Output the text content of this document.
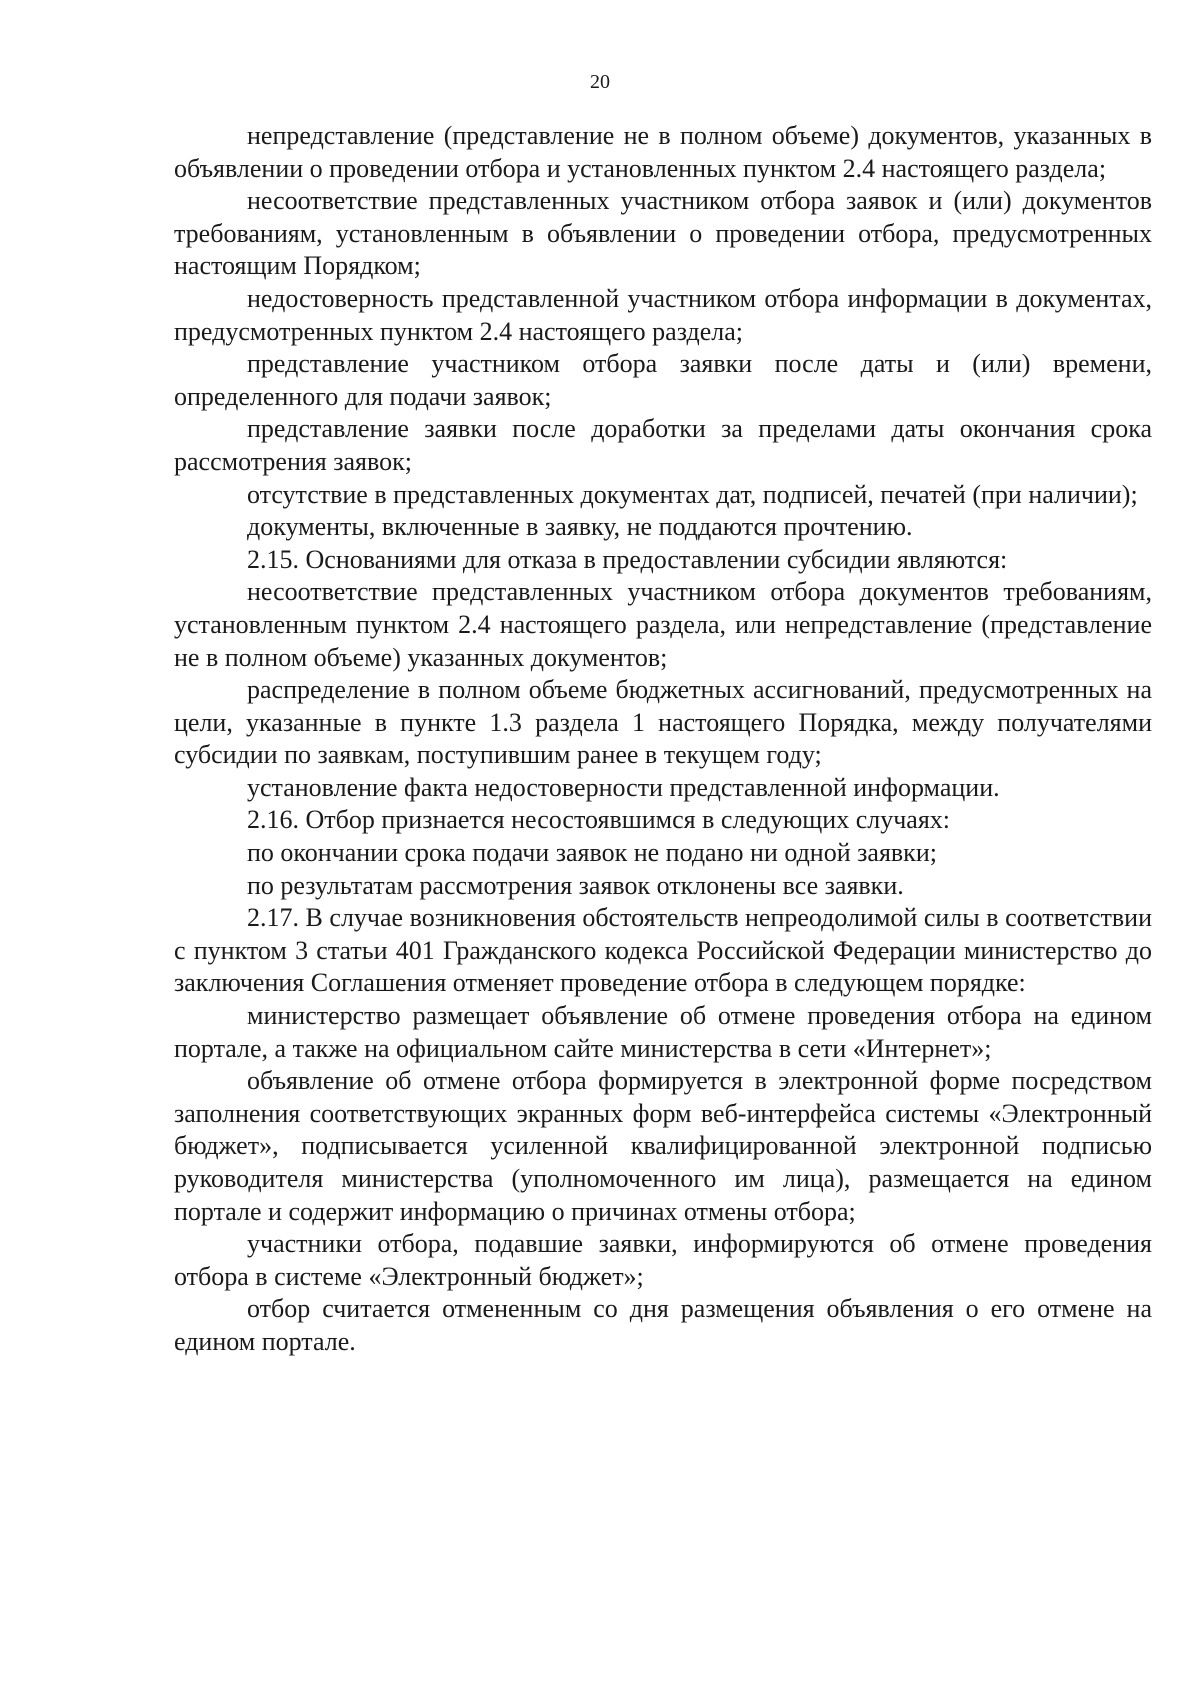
20

непредставление (представление не в полном объеме) документов, указанных в объявлении о проведении отбора и установленных пунктом 2.4 настоящего раздела;

несоответствие представленных участником отбора заявок и (или) документов требованиям, установленным в объявлении о проведении отбора, предусмотренных настоящим Порядком;

недостоверность представленной участником отбора информации в документах, предусмотренных пунктом 2.4 настоящего раздела;

представление участником отбора заявки после даты и (или) времени, определенного для подачи заявок;

представление заявки после доработки за пределами даты окончания срока рассмотрения заявок;

отсутствие в представленных документах дат, подписей, печатей (при наличии);

документы, включенные в заявку, не поддаются прочтению.

2.15. Основаниями для отказа в предоставлении субсидии являются:

несоответствие представленных участником отбора документов требованиям, установленным пунктом 2.4 настоящего раздела, или непредставление (представление не в полном объеме) указанных документов;

распределение в полном объеме бюджетных ассигнований, предусмотренных на цели, указанные в пункте 1.3 раздела 1 настоящего Порядка, между получателями субсидии по заявкам, поступившим ранее в текущем году;

установление факта недостоверности представленной информации.

2.16. Отбор признается несостоявшимся в следующих случаях:

по окончании срока подачи заявок не подано ни одной заявки;

по результатам рассмотрения заявок отклонены все заявки.

2.17. В случае возникновения обстоятельств непреодолимой силы в соответствии с пунктом 3 статьи 401 Гражданского кодекса Российской Федерации министерство до заключения Соглашения отменяет проведение отбора в следующем порядке:

министерство размещает объявление об отмене проведения отбора на едином портале, а также на официальном сайте министерства в сети «Интернет»;

объявление об отмене отбора формируется в электронной форме посредством заполнения соответствующих экранных форм веб-интерфейса системы «Электронный бюджет», подписывается усиленной квалифицированной электронной подписью руководителя министерства (уполномоченного им лица), размещается на едином портале и содержит информацию о причинах отмены отбора;

участники отбора, подавшие заявки, информируются об отмене проведения отбора в системе «Электронный бюджет»;

отбор считается отмененным со дня размещения объявления о его отмене на едином портале.
